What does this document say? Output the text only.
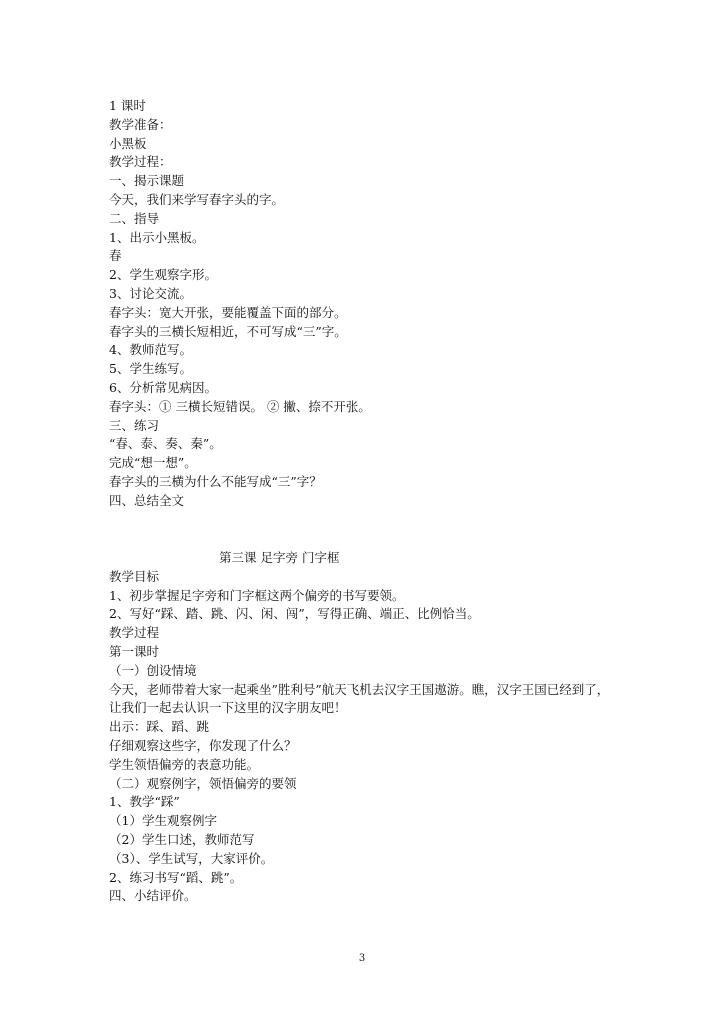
1 课时
教学准备：
小黑板
教学过程：
一、揭示课题
今天，我们来学写春字头的字。
二、指导
1、出示小黑板。
春
2、学生观察字形。
3、讨论交流。
春字头：宽大开张，要能覆盖下面的部分。
春字头的三横长短相近，不可写成“三”字。
4、教师范写。
5、学生练写。
6、分析常见病因。
春字头：① 三横长短错误。 ② 撇、捺不开张。
三、练习
“春、泰、奏、秦”。
完成“想一想”。
春字头的三横为什么不能写成“三”字？
四、总结全文
第三课 足字旁 门字框
教学目标
1、初步掌握足字旁和门字框这两个偏旁的书写要领。
2、写好“踩、踏、跳、闪、闲、闯”，写得正确、端正、比例恰当。
教学过程
第一课时
（一）创设情境
今天，老师带着大家一起乘坐”胜利号”航天飞机去汉字王国遨游。瞧，汉字王国已经到了，
让我们一起去认识一下这里的汉字朋友吧！
出示：踩、蹈、跳
仔细观察这些字，你发现了什么？
学生领悟偏旁的表意功能。
（二）观察例字，领悟偏旁的要领
1、教学“踩”
（1）学生观察例字
（2）学生口述，教师范写
（3）、学生试写，大家评价。
2、练习书写“蹈、跳”。
四、小结评价。
3
